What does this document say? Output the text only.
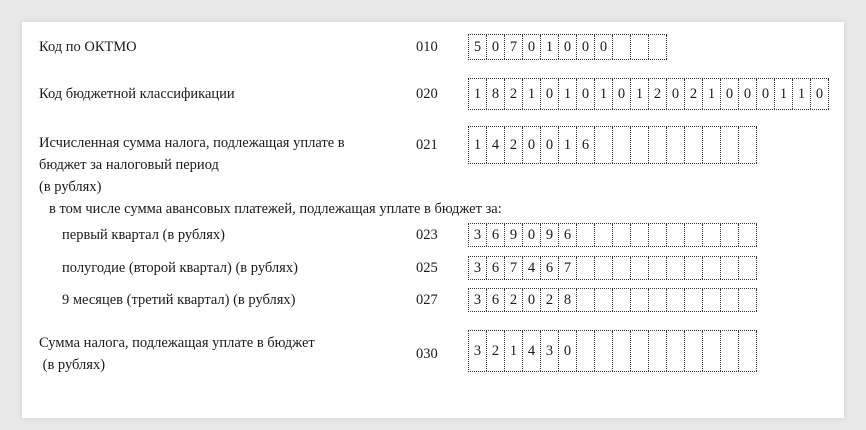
Код по ОКТМО	010	5 0 7 0 1 0 0 0
Код бюджетной классификации	020	1 8 2 1 0 1 0 1 0 1 2 0 2 1 0 0 0 1 1 0
Исчисленная сумма налога, подлежащая уплате в
бюджет за налоговый период
(в рублях)
021	1 4 2 0 0 1 6
в том числе сумма авансовых платежей, подлежащая уплате в бюджет за:
первый квартал (в рублях)	023	3 6 9 0 9 6
полугодие (второй квартал) (в рублях)	025	3 6 7 4 6 7
9 месяцев (третий квартал) (в рублях)	027	3 6 2 0 2 8
Сумма налога, подлежащая уплате в бюджет
(в рублях)
030	3 2 1 4 3 0
